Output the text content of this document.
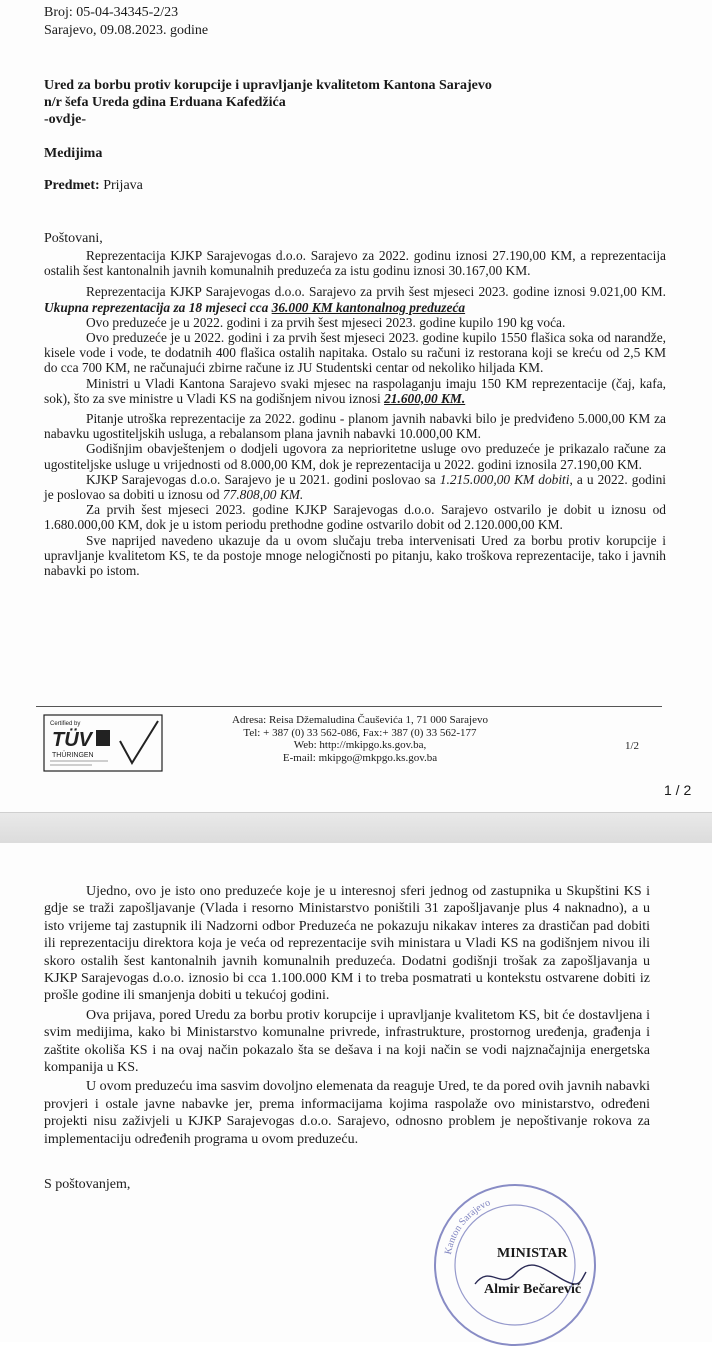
Broj: 05-04-34345-2/23
Sarajevo, 09.08.2023. godine
Ured za borbu protiv korupcije i upravljanje kvalitetom Kantona Sarajevo
n/r šefa Ureda gdina Erduana Kafedžića
-ovdje-
Medijima
Predmet: Prijava
Poštovani,

Reprezentacija KJKP Sarajevogas d.o.o. Sarajevo za 2022. godinu iznosi 27.190,00 KM, a reprezentacija ostalih šest kantonalnih javnih komunalnih preduzeća za istu godinu iznosi 30.167,00 KM.

Reprezentacija KJKP Sarajevogas d.o.o. Sarajevo za prvih šest mjeseci 2023. godine iznosi 9.021,00 KM. Ukupna reprezentacija za 18 mjeseci cca 36.000 KM kantonalnog preduzeća

Ovo preduzeće je u 2022. godini i za prvih šest mjeseci 2023. godine kupilo 190 kg voća.

Ovo preduzeće je u 2022. godini i za prvih šest mjeseci 2023. godine kupilo 1550 flašica soka od narandže, kisele vode i vode, te dodatnih 400 flašica ostalih napitaka. Ostalo su računi iz restorana koji se kreću od 2,5 KM do cca 700 KM, ne računajući zbirne račune iz JU Studentski centar od nekoliko hiljada KM.

Ministri u Vladi Kantona Sarajevo svaki mjesec na raspolaganju imaju 150 KM reprezentacije (čaj, kafa, sok), što za sve ministre u Vladi KS na godišnjem nivou iznosi 21.600,00 KM.

Pitanje utroška reprezentacije za 2022. godinu - planom javnih nabavki bilo je predviđeno 5.000,00 KM za nabavku ugostiteljskih usluga, a rebalansom plana javnih nabavki 10.000,00 KM.

Godišnjim obavještenjem o dodjeli ugovora za neprioritetne usluge ovo preduzeće je prikazalo račune za ugostiteljske usluge u vrijednosti od 8.000,00 KM, dok je reprezentacija u 2022. godini iznosila 27.190,00 KM.

KJKP Sarajevogas d.o.o. Sarajevo je u 2021. godini poslovao sa 1.215.000,00 KM dobiti, a u 2022. godini je poslovao sa dobiti u iznosu od 77.808,00 KM.

Za prvih šest mjeseci 2023. godine KJKP Sarajevogas d.o.o. Sarajevo ostvarilo je dobit u iznosu od 1.680.000,00 KM, dok je u istom periodu prethodne godine ostvarilo dobit od 2.120.000,00 KM.

Sve naprijed navedeno ukazuje da u ovom slučaju treba intervenisati Ured za borbu protiv korupcije i upravljanje kvalitetom KS, te da postoje mnoge nelogičnosti po pitanju, kako troškova reprezentacije, tako i javnih nabavki po istom.

Certified by
TÜV
THÜRINGEN
Adresa: Reisa Džemaludina Čauševića 1, 71 000 Sarajevo
Tel: + 387 (0) 33 562-086, Fax:+ 387 (0) 33 562-177
Web: http://mkipgo.ks.gov.ba,
E-mail: mkipgo@mkpgo.ks.gov.ba
1/2
1 / 2

Ujedno, ovo je isto ono preduzeće koje je u interesnoj sferi jednog od zastupnika u Skupštini KS i gdje se traži zapošljavanje (Vlada i resorno Ministarstvo poništili 31 zapošljavanje plus 4 naknadno), a u isto vrijeme taj zastupnik ili Nadzorni odbor Preduzeća ne pokazuju nikakav interes za drastičan pad dobiti ili reprezentaciju direktora koja je veća od reprezentacije svih ministara u Vladi KS na godišnjem nivou ili skoro ostalih šest kantonalnih javnih komunalnih preduzeća. Dodatni godišnji trošak za zapošljavanja u KJKP Sarajevogas d.o.o. iznosio bi cca 1.100.000 KM i to treba posmatrati u kontekstu ostvarene dobiti iz prošle godine ili smanjenja dobiti u tekućoj godini.

Ova prijava, pored Uredu za borbu protiv korupcije i upravljanje kvalitetom KS, bit će dostavljena i svim medijima, kako bi Ministarstvo komunalne privrede, infrastrukture, prostornog uređenja, građenja i zaštite okoliša KS i na ovaj način pokazalo šta se dešava i na koji način se vodi najznačajnija energetska kompanija u KS.

U ovom preduzeću ima sasvim dovoljno elemenata da reaguje Ured, te da pored ovih javnih nabavki provjeri i ostale javne nabavke jer, prema informacijama kojima raspolaže ovo ministarstvo, određeni projekti nisu zaživjeli u KJKP Sarajevogas d.o.o. Sarajevo, odnosno problem je nepoštivanje rokova za implementaciju određenih programa u ovom preduzeću.

S poštovanjem,
Kanton Sarajevo
MINISTAR
Almir Bečarević
